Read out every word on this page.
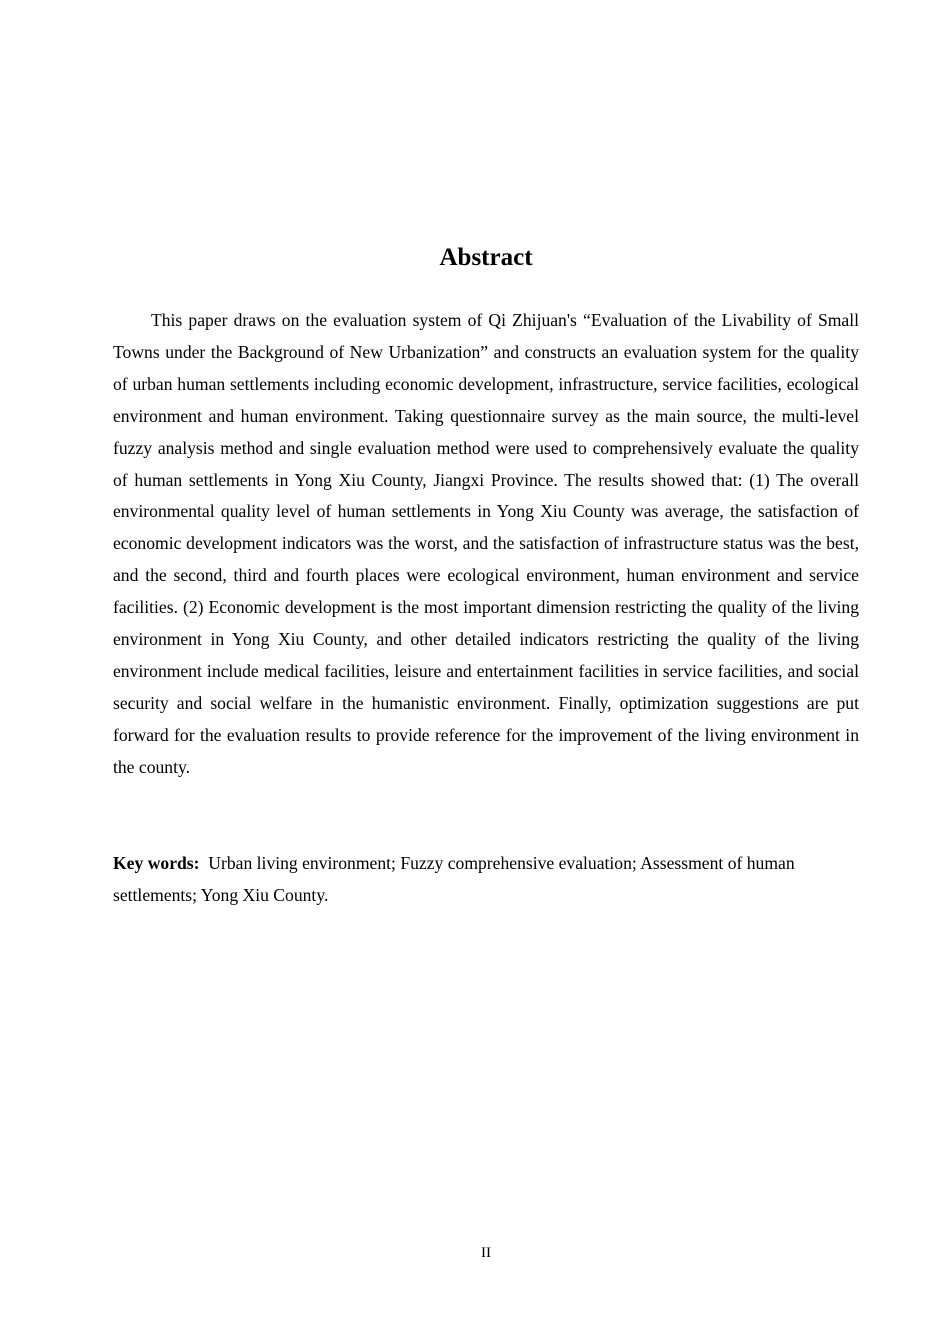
Abstract

This paper draws on the evaluation system of Qi Zhijuan's “Evaluation of the Livability of Small Towns under the Background of New Urbanization” and constructs an evaluation system for the quality of urban human settlements including economic development, infrastructure, service facilities, ecological environment and human environment. Taking questionnaire survey as the main source, the multi-level fuzzy analysis method and single evaluation method were used to comprehensively evaluate the quality of human settlements in Yong Xiu County, Jiangxi Province. The results showed that: (1) The overall environmental quality level of human settlements in Yong Xiu County was average, the satisfaction of economic development indicators was the worst, and the satisfaction of infrastructure status was the best, and the second, third and fourth places were ecological environment, human environment and service facilities. (2) Economic development is the most important dimension restricting the quality of the living environment in Yong Xiu County, and other detailed indicators restricting the quality of the living environment include medical facilities, leisure and entertainment facilities in service facilities, and social security and social welfare in the humanistic environment. Finally, optimization suggestions are put forward for the evaluation results to provide reference for the improvement of the living environment in the county.

Key words: Urban living environment; Fuzzy comprehensive evaluation; Assessment of human settlements; Yong Xiu County.

II
